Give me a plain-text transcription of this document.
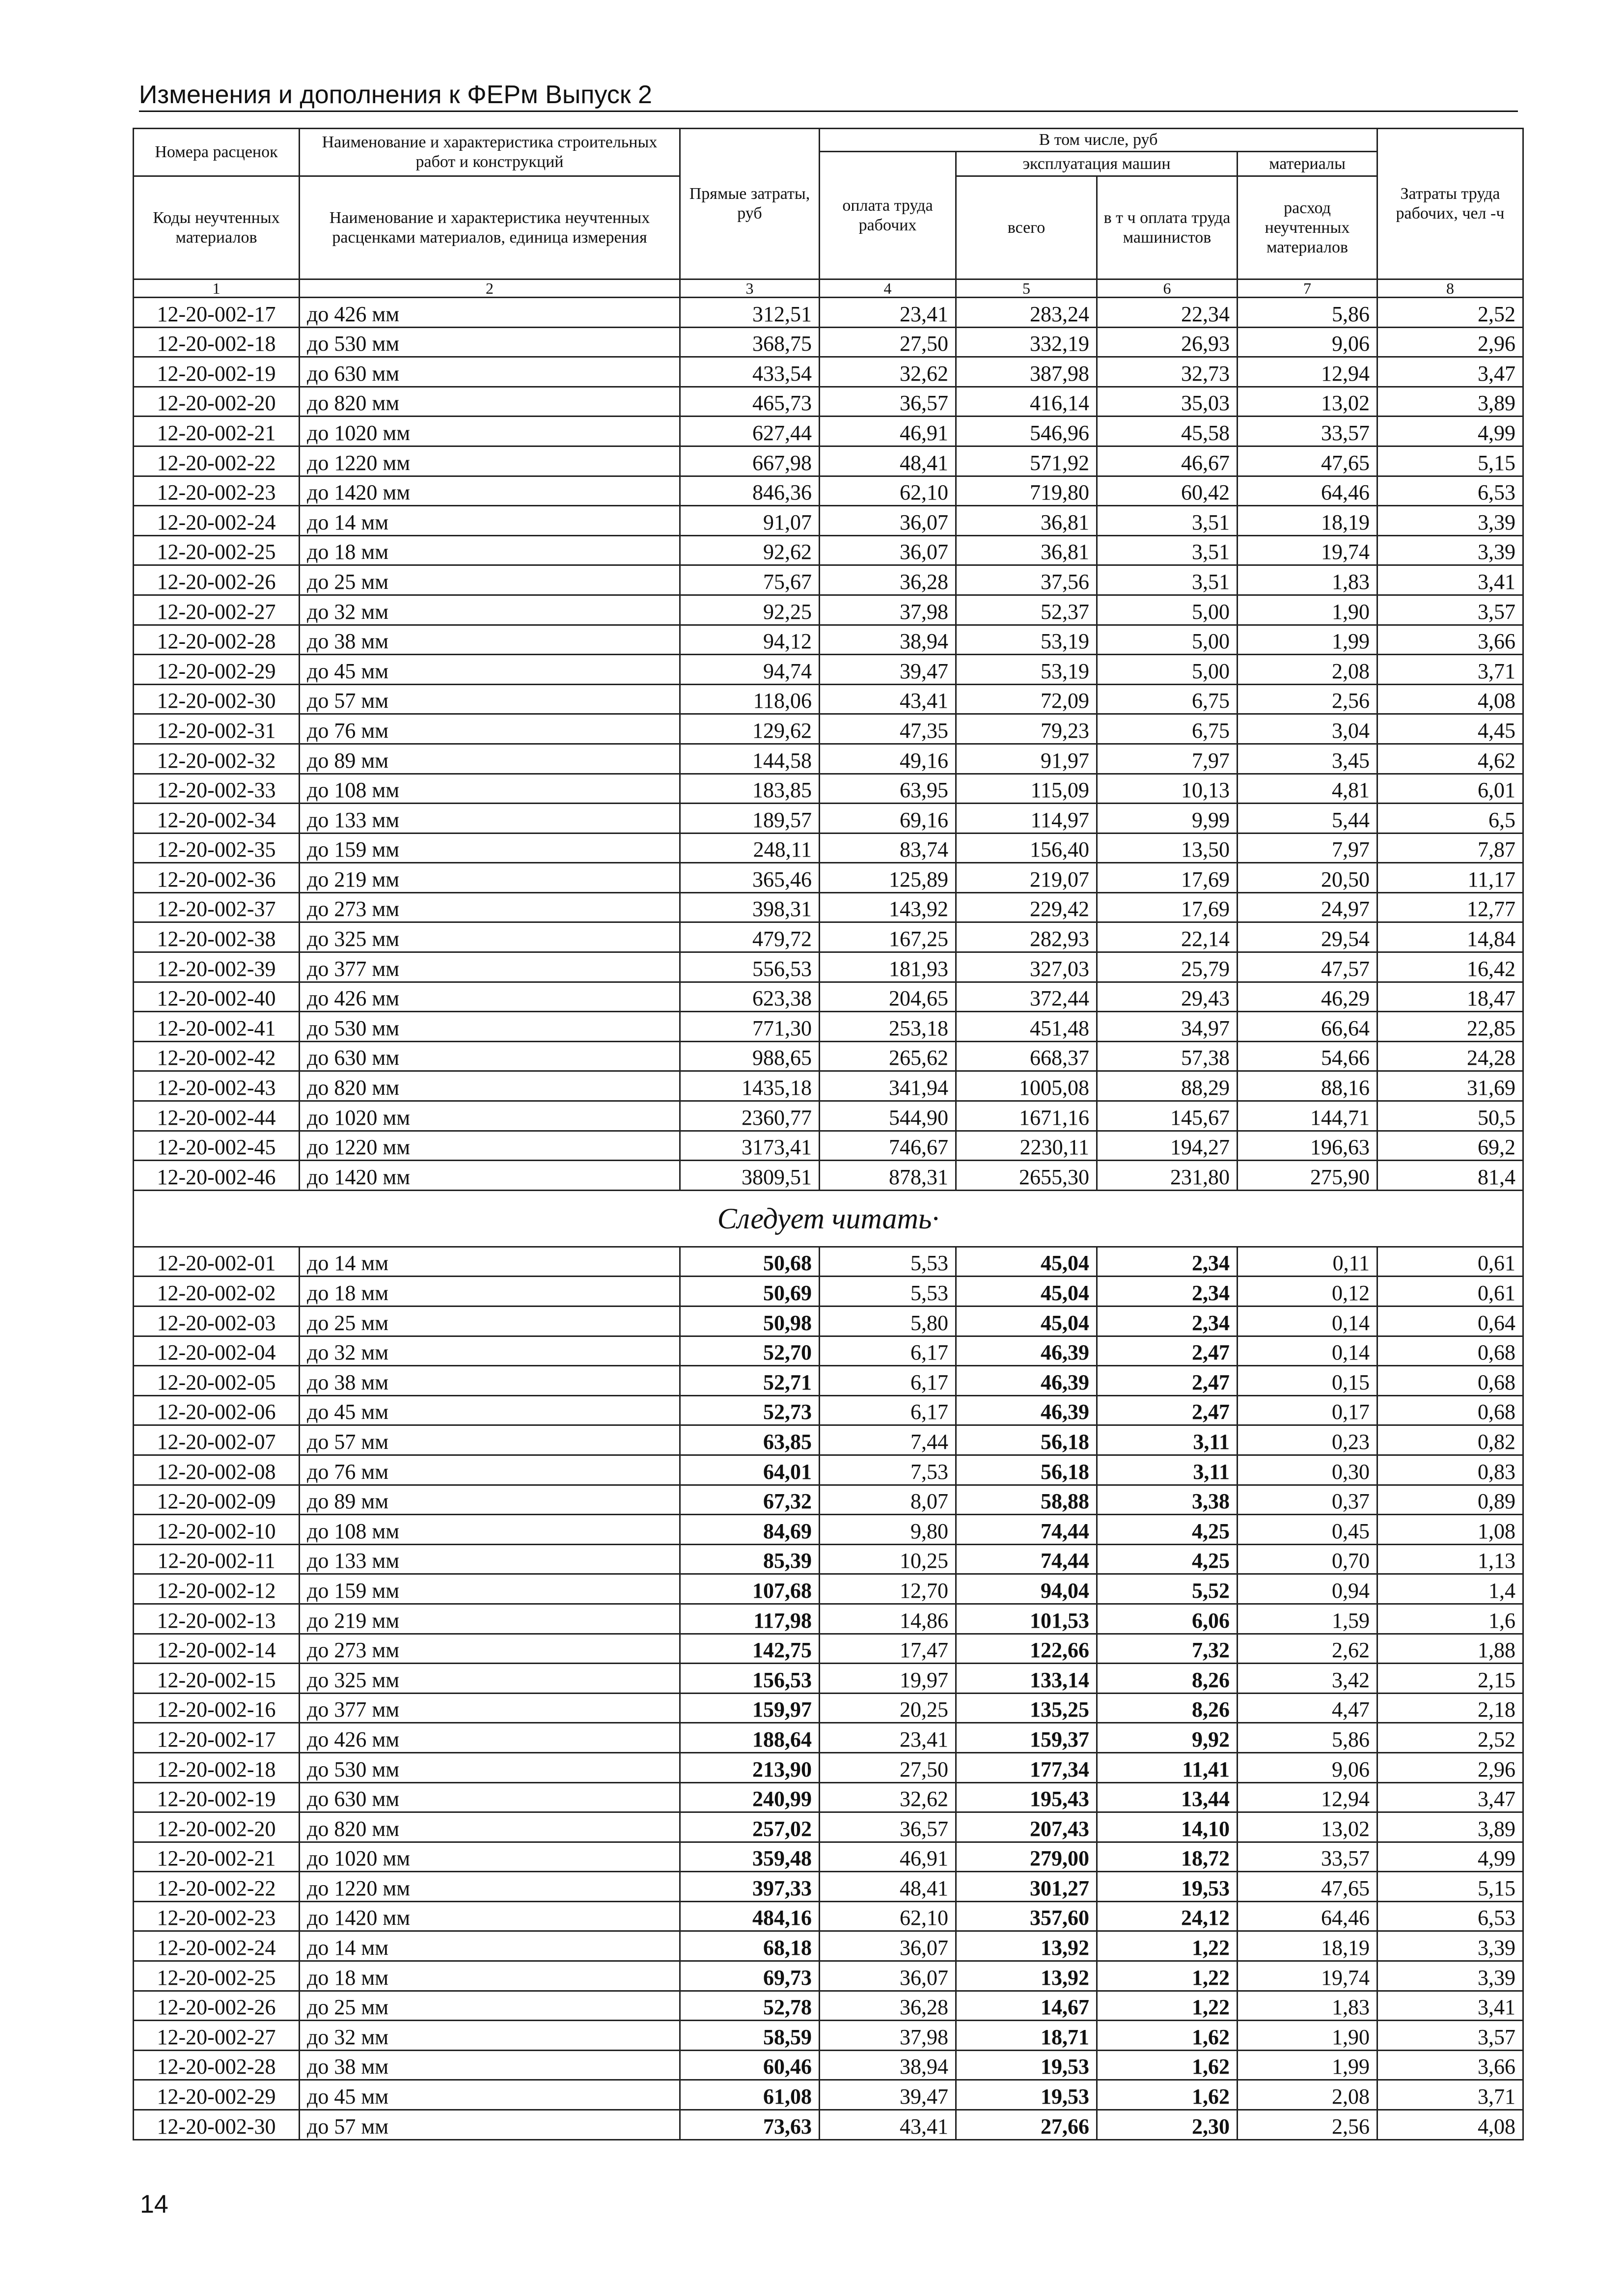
Изменения и дополнения к ФЕРм Выпуск 2
Номера расценок	Наименование и характеристика строительных работ и конструкций	Прямые затраты, руб	В том числе, руб				Затраты труда рабочих, чел -ч
			оплата труда рабочих	эксплуатация машин		материалы	
Коды неучтенных материалов	Наименование и характеристика неучтенных расценками материалов, единица измерения			всего	в т ч оплата труда машинистов	расход неучтенных материалов	

1	2	3	4	5	6	7	8
12-20-002-17	до 426 мм	312,51	23,41	283,24	22,34	5,86	2,52
12-20-002-18	до 530 мм	368,75	27,50	332,19	26,93	9,06	2,96
12-20-002-19	до 630 мм	433,54	32,62	387,98	32,73	12,94	3,47
12-20-002-20	до 820 мм	465,73	36,57	416,14	35,03	13,02	3,89
12-20-002-21	до 1020 мм	627,44	46,91	546,96	45,58	33,57	4,99
12-20-002-22	до 1220 мм	667,98	48,41	571,92	46,67	47,65	5,15
12-20-002-23	до 1420 мм	846,36	62,10	719,80	60,42	64,46	6,53
12-20-002-24	до 14 мм	91,07	36,07	36,81	3,51	18,19	3,39
12-20-002-25	до 18 мм	92,62	36,07	36,81	3,51	19,74	3,39
12-20-002-26	до 25 мм	75,67	36,28	37,56	3,51	1,83	3,41
12-20-002-27	до 32 мм	92,25	37,98	52,37	5,00	1,90	3,57
12-20-002-28	до 38 мм	94,12	38,94	53,19	5,00	1,99	3,66
12-20-002-29	до 45 мм	94,74	39,47	53,19	5,00	2,08	3,71
12-20-002-30	до 57 мм	118,06	43,41	72,09	6,75	2,56	4,08
12-20-002-31	до 76 мм	129,62	47,35	79,23	6,75	3,04	4,45
12-20-002-32	до 89 мм	144,58	49,16	91,97	7,97	3,45	4,62
12-20-002-33	до 108 мм	183,85	63,95	115,09	10,13	4,81	6,01
12-20-002-34	до 133 мм	189,57	69,16	114,97	9,99	5,44	6,5
12-20-002-35	до 159 мм	248,11	83,74	156,40	13,50	7,97	7,87
12-20-002-36	до 219 мм	365,46	125,89	219,07	17,69	20,50	11,17
12-20-002-37	до 273 мм	398,31	143,92	229,42	17,69	24,97	12,77
12-20-002-38	до 325 мм	479,72	167,25	282,93	22,14	29,54	14,84
12-20-002-39	до 377 мм	556,53	181,93	327,03	25,79	47,57	16,42
12-20-002-40	до 426 мм	623,38	204,65	372,44	29,43	46,29	18,47
12-20-002-41	до 530 мм	771,30	253,18	451,48	34,97	66,64	22,85
12-20-002-42	до 630 мм	988,65	265,62	668,37	57,38	54,66	24,28
12-20-002-43	до 820 мм	1435,18	341,94	1005,08	88,29	88,16	31,69
12-20-002-44	до 1020 мм	2360,77	544,90	1671,16	145,67	144,71	50,5
12-20-002-45	до 1220 мм	3173,41	746,67	2230,11	194,27	196,63	69,2
12-20-002-46	до 1420 мм	3809,51	878,31	2655,30	231,80	275,90	81,4
Следует читать·							
12-20-002-01	до 14 мм	50,68	5,53	45,04	2,34	0,11	0,61
12-20-002-02	до 18 мм	50,69	5,53	45,04	2,34	0,12	0,61
12-20-002-03	до 25 мм	50,98	5,80	45,04	2,34	0,14	0,64
12-20-002-04	до 32 мм	52,70	6,17	46,39	2,47	0,14	0,68
12-20-002-05	до 38 мм	52,71	6,17	46,39	2,47	0,15	0,68
12-20-002-06	до 45 мм	52,73	6,17	46,39	2,47	0,17	0,68
12-20-002-07	до 57 мм	63,85	7,44	56,18	3,11	0,23	0,82
12-20-002-08	до 76 мм	64,01	7,53	56,18	3,11	0,30	0,83
12-20-002-09	до 89 мм	67,32	8,07	58,88	3,38	0,37	0,89
12-20-002-10	до 108 мм	84,69	9,80	74,44	4,25	0,45	1,08
12-20-002-11	до 133 мм	85,39	10,25	74,44	4,25	0,70	1,13
12-20-002-12	до 159 мм	107,68	12,70	94,04	5,52	0,94	1,4
12-20-002-13	до 219 мм	117,98	14,86	101,53	6,06	1,59	1,6
12-20-002-14	до 273 мм	142,75	17,47	122,66	7,32	2,62	1,88
12-20-002-15	до 325 мм	156,53	19,97	133,14	8,26	3,42	2,15
12-20-002-16	до 377 мм	159,97	20,25	135,25	8,26	4,47	2,18
12-20-002-17	до 426 мм	188,64	23,41	159,37	9,92	5,86	2,52
12-20-002-18	до 530 мм	213,90	27,50	177,34	11,41	9,06	2,96
12-20-002-19	до 630 мм	240,99	32,62	195,43	13,44	12,94	3,47
12-20-002-20	до 820 мм	257,02	36,57	207,43	14,10	13,02	3,89
12-20-002-21	до 1020 мм	359,48	46,91	279,00	18,72	33,57	4,99
12-20-002-22	до 1220 мм	397,33	48,41	301,27	19,53	47,65	5,15
12-20-002-23	до 1420 мм	484,16	62,10	357,60	24,12	64,46	6,53
12-20-002-24	до 14 мм	68,18	36,07	13,92	1,22	18,19	3,39
12-20-002-25	до 18 мм	69,73	36,07	13,92	1,22	19,74	3,39
12-20-002-26	до 25 мм	52,78	36,28	14,67	1,22	1,83	3,41
12-20-002-27	до 32 мм	58,59	37,98	18,71	1,62	1,90	3,57
12-20-002-28	до 38 мм	60,46	38,94	19,53	1,62	1,99	3,66
12-20-002-29	до 45 мм	61,08	39,47	19,53	1,62	2,08	3,71
12-20-002-30	до 57 мм	73,63	43,41	27,66	2,30	2,56	4,08
14
